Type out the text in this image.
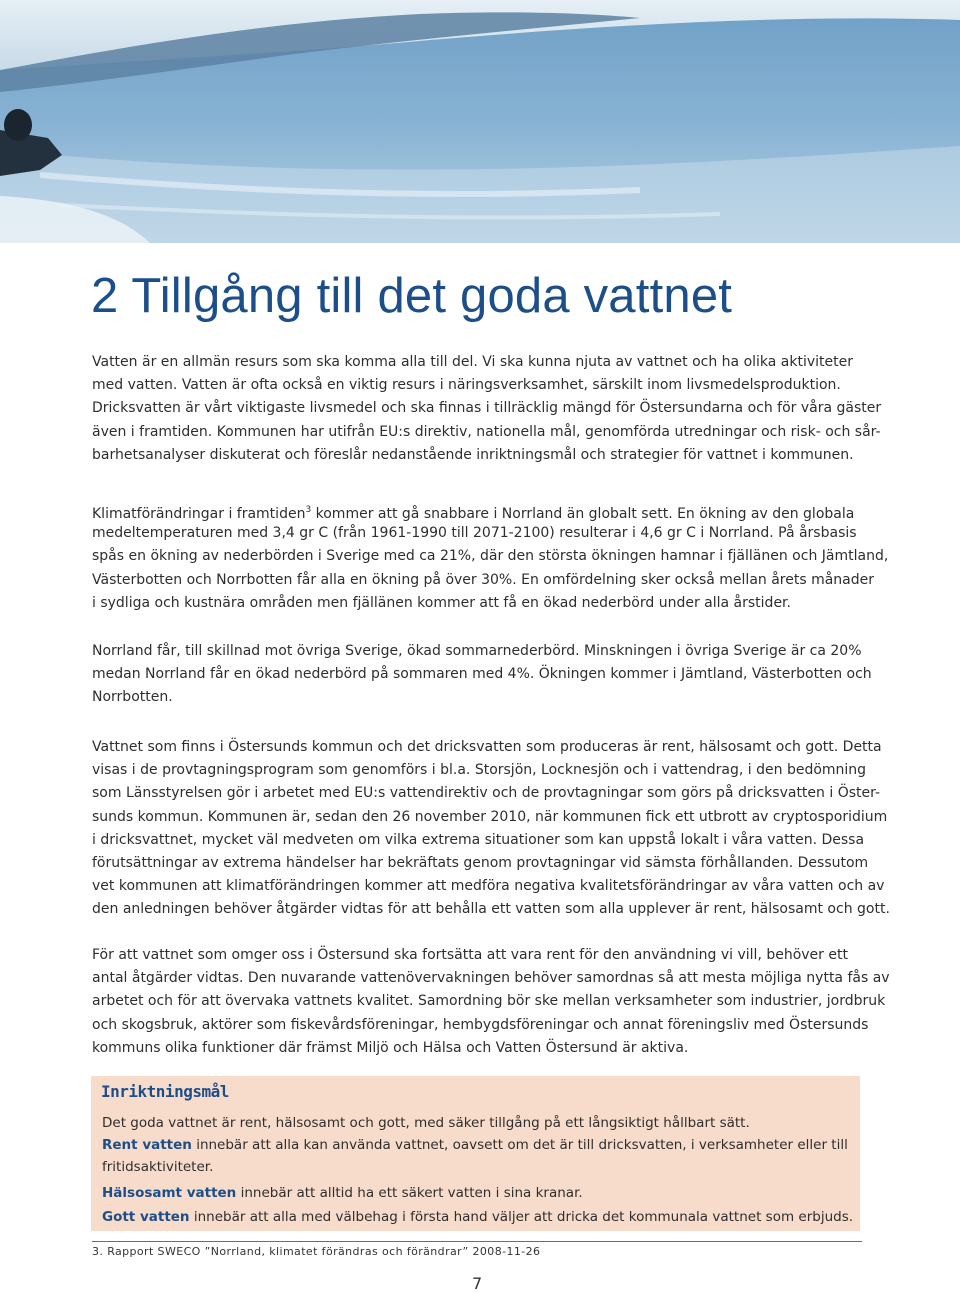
2 Tillgång till det goda vattnet
Vatten är en allmän resurs som ska komma alla till del. Vi ska kunna njuta av vattnet och ha olika aktiviteter
med vatten. Vatten är ofta också en viktig resurs i näringsverksamhet, särskilt inom livsmedelsproduktion.
Dricksvatten är vårt viktigaste livsmedel och ska finnas i tillräcklig mängd för Östersundarna och för våra gäster
även i framtiden. Kommunen har utifrån EU:s direktiv, nationella mål, genomförda utredningar och risk- och sår-
barhetsanalyser diskuterat och föreslår nedanstående inriktningsmål och strategier för vattnet i kommunen.
Klimatförändringar i framtiden$^3$ kommer att gå snabbare i Norrland än globalt sett. En ökning av den globala
medeltemperaturen med 3,4 gr C (från 1961-1990 till 2071-2100) resulterar i 4,6 gr C i Norrland. På årsbasis
spås en ökning av nederbörden i Sverige med ca 21%, där den största ökningen hamnar i fjällänen och Jämtland,
Västerbotten och Norrbotten får alla en ökning på över 30%. En omfördelning sker också mellan årets månader
i sydliga och kustnära områden men fjällänen kommer att få en ökad nederbörd under alla årstider.
Norrland får, till skillnad mot övriga Sverige, ökad sommarnederbörd. Minskningen i övriga Sverige är ca 20%
medan Norrland får en ökad nederbörd på sommaren med 4%. Ökningen kommer i Jämtland, Västerbotten och
Norrbotten.
Vattnet som finns i Östersunds kommun och det dricksvatten som produceras är rent, hälsosamt och gott. Detta
visas i de provtagningsprogram som genomförs i bl.a. Storsjön, Locknesjön och i vattendrag, i den bedömning
som Länsstyrelsen gör i arbetet med EU:s vattendirektiv och de provtagningar som görs på dricksvatten i Öster-
sunds kommun. Kommunen är, sedan den 26 november 2010, när kommunen fick ett utbrott av cryptosporidium
i dricksvattnet, mycket väl medveten om vilka extrema situationer som kan uppstå lokalt i våra vatten. Dessa
förutsättningar av extrema händelser har bekräftats genom provtagningar vid sämsta förhållanden. Dessutom
vet kommunen att klimatförändringen kommer att medföra negativa kvalitetsförändringar av våra vatten och av
den anledningen behöver åtgärder vidtas för att behålla ett vatten som alla upplever är rent, hälsosamt och gott.
För att vattnet som omger oss i Östersund ska fortsätta att vara rent för den användning vi vill, behöver ett
antal åtgärder vidtas. Den nuvarande vattenövervakningen behöver samordnas så att mesta möjliga nytta fås av
arbetet och för att övervaka vattnets kvalitet. Samordning bör ske mellan verksamheter som industrier, jordbruk
och skogsbruk, aktörer som fiskevårdsföreningar, hembygdsföreningar och annat föreningsliv med Östersunds
kommuns olika funktioner där främst Miljö och Hälsa och Vatten Östersund är aktiva.
Inriktningsmål

Det goda vattnet är rent, hälsosamt och gott, med säker tillgång på ett långsiktigt hållbart sätt.

Rent vatten innebär att alla kan använda vattnet, oavsett om det är till dricksvatten, i verksamheter eller till

fritidsaktiviteter.

Hälsosamt vatten innebär att alltid ha ett säkert vatten i sina kranar.

Gott vatten innebär att alla med välbehag i första hand väljer att dricka det kommunala vattnet som erbjuds.

3. Rapport SWECO ”Norrland, klimatet förändras och förändrar” 2008-11-26
7
